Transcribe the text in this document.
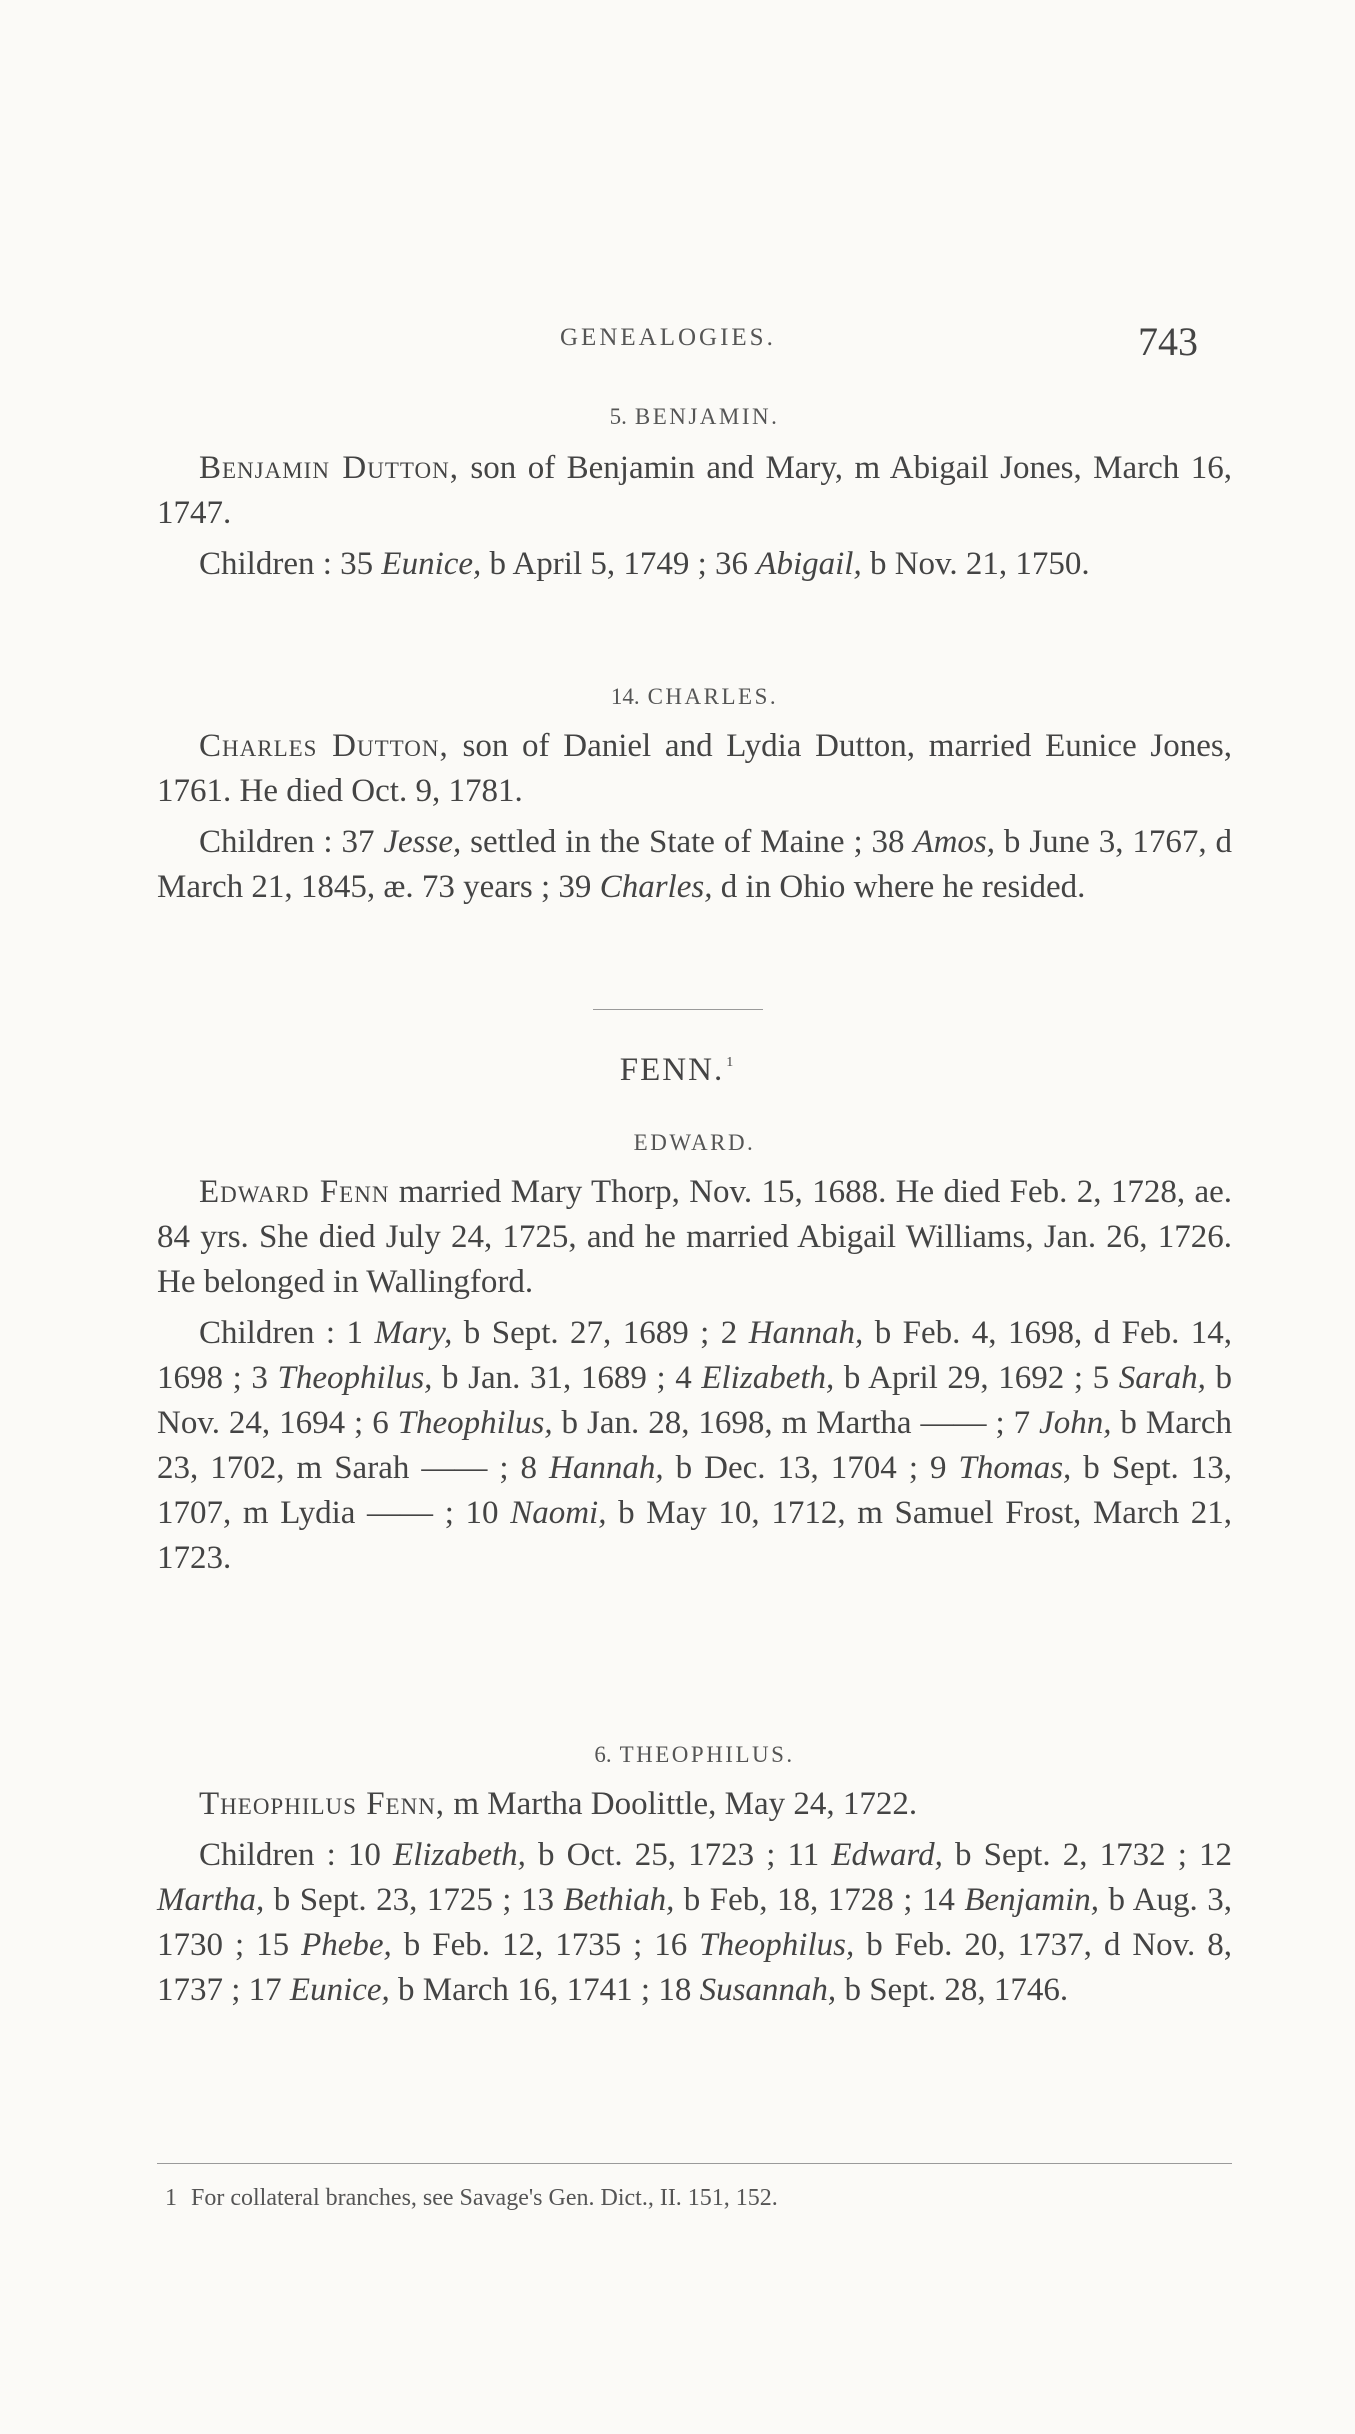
GENEALOGIES.	743

5. BENJAMIN.

Benjamin Dutton, son of Benjamin and Mary, m Abigail Jones, March 16, 1747.

Children : 35 Eunice, b April 5, 1749 ; 36 Abigail, b Nov. 21, 1750.

14. CHARLES.

Charles Dutton, son of Daniel and Lydia Dutton, married Eunice Jones, 1761. He died Oct. 9, 1781.

Children : 37 Jesse, settled in the State of Maine ; 38 Amos, b June 3, 1767, d March 21, 1845, æ. 73 years ; 39 Charles, d in Ohio where he resided.

FENN. $^1$

EDWARD.

Edward Fenn married Mary Thorp, Nov. 15, 1688. He died Feb. 2, 1728, ae. 84 yrs. She died July 24, 1725, and he married Abigail Williams, Jan. 26, 1726. He belonged in Wallingford.

Children : 1 Mary, b Sept. 27, 1689 ; 2 Hannah, b Feb. 4, 1698, d Feb. 14, 1698 ; 3 Theophilus, b Jan. 31, 1689 ; 4 Elizabeth, b April 29, 1692 ; 5 Sarah, b Nov. 24, 1694 ; 6 Theophilus, b Jan. 28, 1698, m Martha —— ; 7 John, b March 23, 1702, m Sarah —— ; 8 Hannah, b Dec. 13, 1704 ; 9 Thomas, b Sept. 13, 1707, m Lydia —— ; 10 Naomi, b May 10, 1712, m Samuel Frost, March 21, 1723.

6. THEOPHILUS.

Theophilus Fenn, m Martha Doolittle, May 24, 1722.

Children : 10 Elizabeth, b Oct. 25, 1723 ; 11 Edward, b Sept. 2, 1732 ; 12 Martha, b Sept. 23, 1725 ; 13 Bethiah, b Feb, 18, 1728 ; 14 Benjamin, b Aug. 3, 1730 ; 15 Phebe, b Feb. 12, 1735 ; 16 Theophilus, b Feb. 20, 1737, d Nov. 8, 1737 ; 17 Eunice, b March 16, 1741 ; 18 Susannah, b Sept. 28, 1746.

1 For collateral branches, see Savage's Gen. Dict., II. 151, 152.
